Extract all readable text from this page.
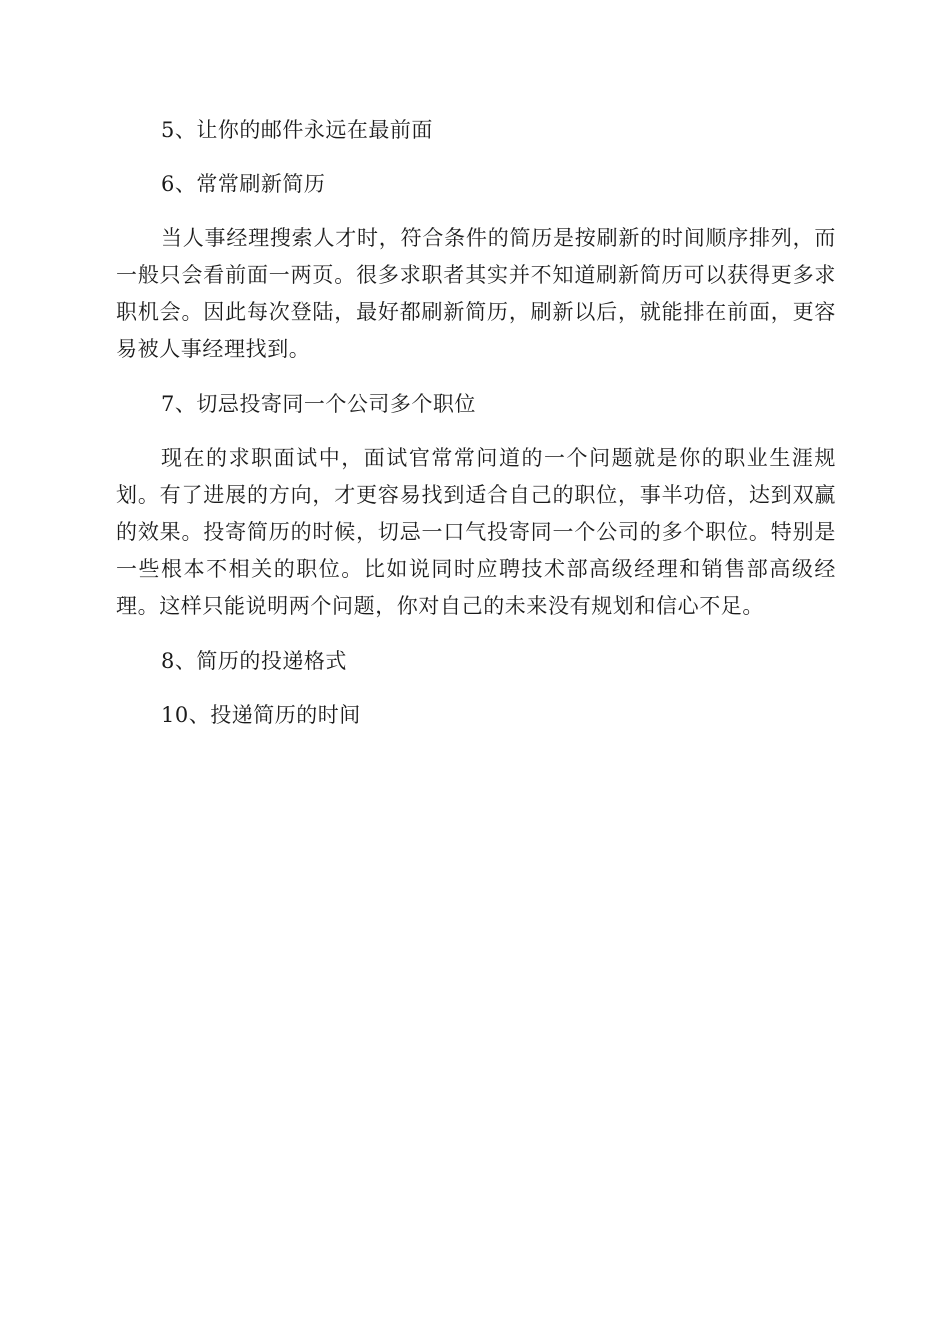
5、让你的邮件永远在最前面
6、常常刷新简历

当人事经理搜索人才时，符合条件的简历是按刷新的时间顺序排列，而一般只会看前面一两页。很多求职者其实并不知道刷新简历可以获得更多求职机会。因此每次登陆，最好都刷新简历，刷新以后，就能排在前面，更容易被人事经理找到。

7、切忌投寄同一个公司多个职位

现在的求职面试中，面试官常常问道的一个问题就是你的职业生涯规划。有了进展的方向，才更容易找到适合自己的职位，事半功倍，达到双赢的效果。投寄简历的时候，切忌一口气投寄同一个公司的多个职位。特别是一些根本不相关的职位。比如说同时应聘技术部高级经理和销售部高级经理。这样只能说明两个问题，你对自己的未来没有规划和信心不足。

8、简历的投递格式
10、投递简历的时间
